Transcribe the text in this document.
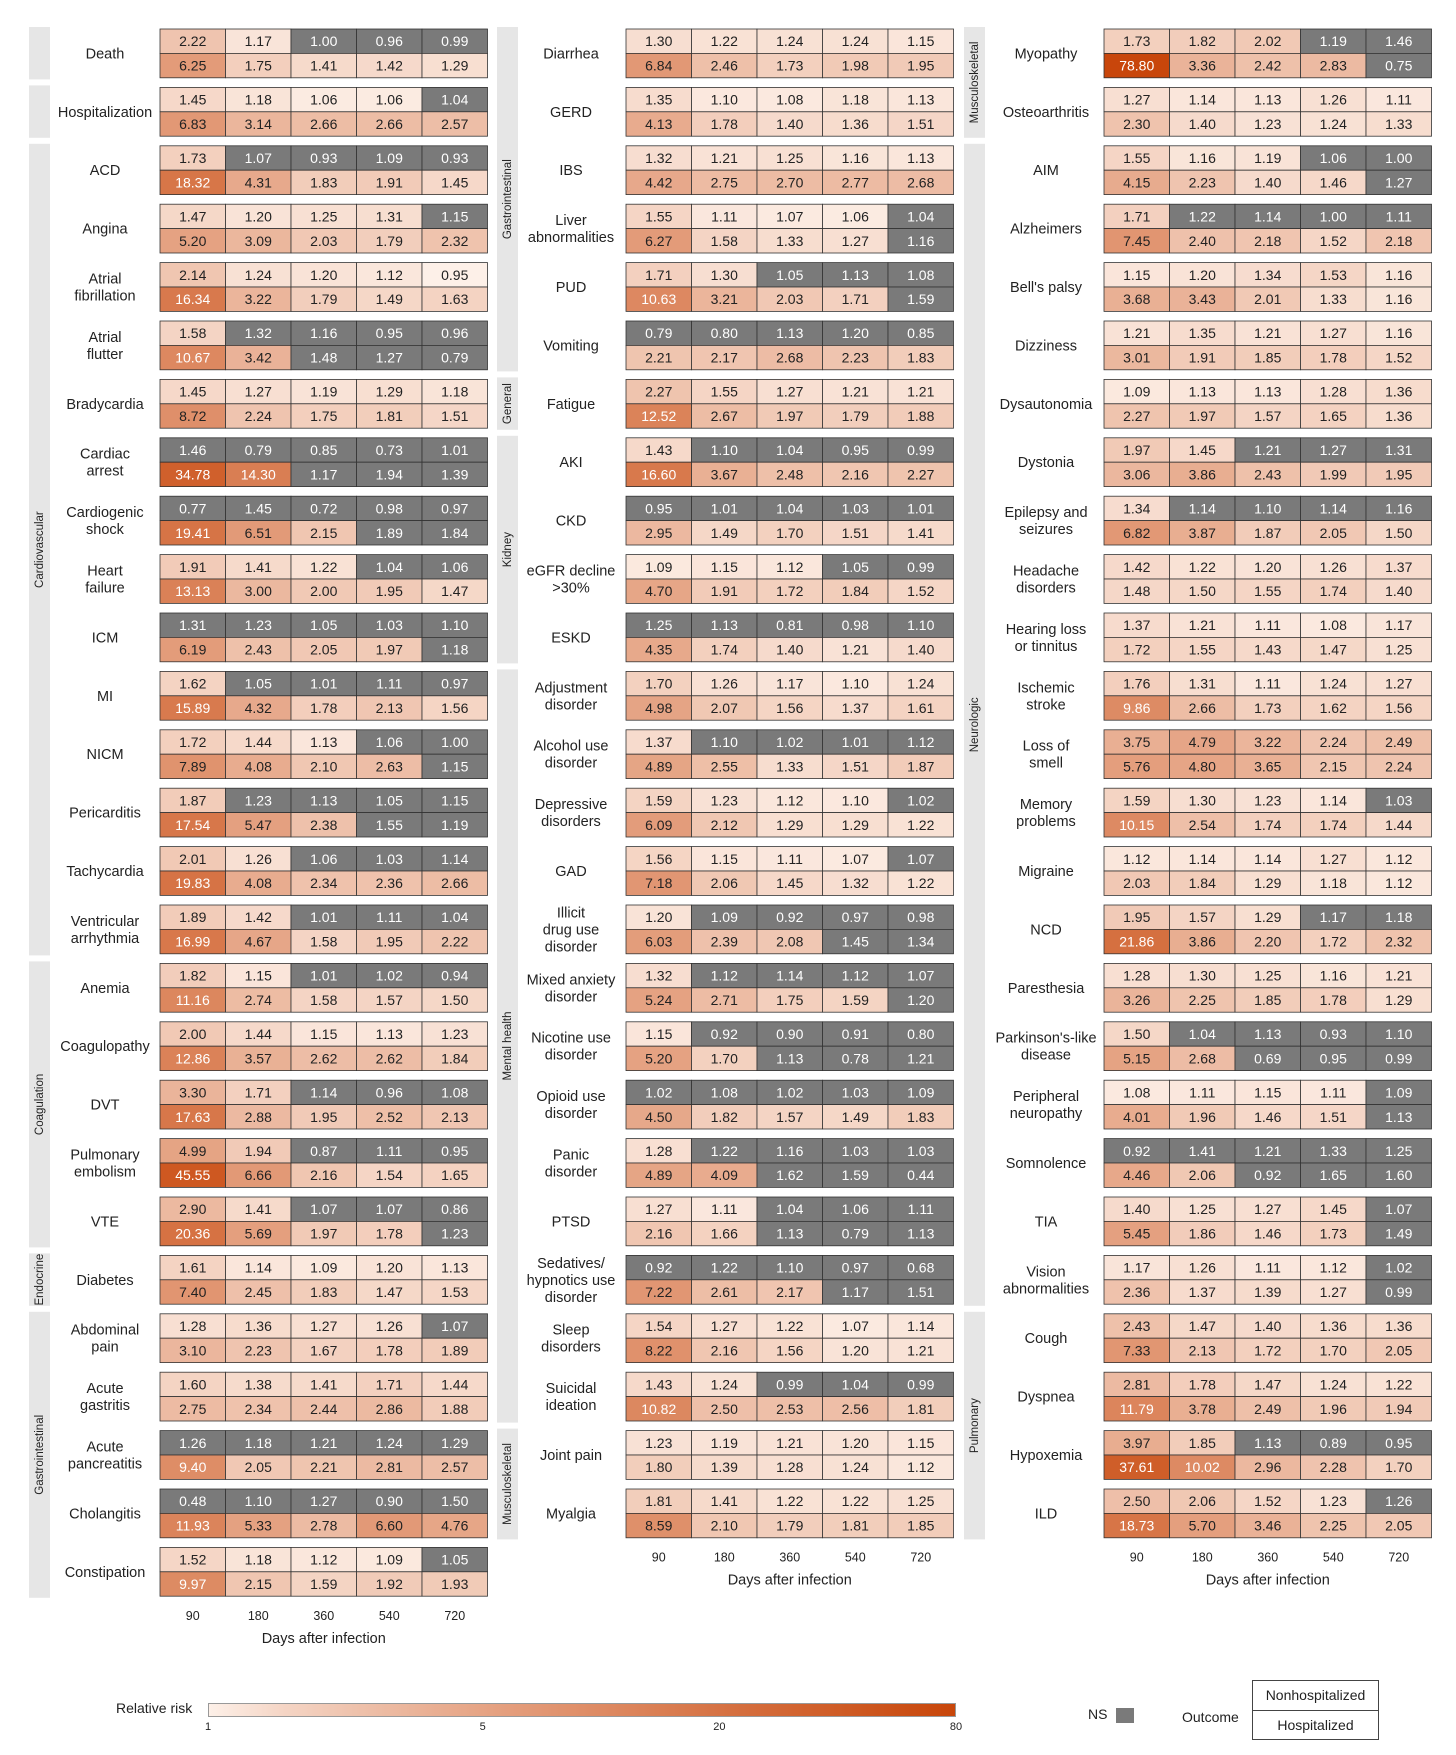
Death
2.22	1.17	1.00	0.96	0.99
6.25	1.75	1.41	1.42	1.29
Hospitalization
1.45	1.18	1.06	1.06	1.04
6.83	3.14	2.66	2.66	2.57
ACD
1.73	1.07	0.93	1.09	0.93
18.32 4.31	1.83	1.91	1.45
Angina
1.47	1.20	1.25	1.31	1.15
5.20	3.09	2.03	1.79	2.32
Atrial fibrillation
2.14	1.24	1.20	1.12	0.95
16.34 3.22	1.79	1.49	1.63
Atrial flutter
1.58	1.32	1.16	0.95	0.96
10.67 3.42	1.48	1.27	0.79
Bradycardia
1.45	1.27	1.19	1.29	1.18
8.72	2.24	1.75	1.81	1.51
Cardiac arrest
1.46	0.79	0.85	0.73	1.01
34.78 14.30 1.17	1.94	1.39
Cardiogenic shock
0.77	1.45	0.72	0.98	0.97
19.41 6.51	2.15	1.89	1.84
Heart failure
1.91	1.41	1.22	1.04	1.06
13.13 3.00	2.00	1.95	1.47
ICM
1.31	1.23	1.05	1.03	1.10
6.19	2.43	2.05	1.97	1.18
MI
1.62	1.05	1.01	1.11	0.97
15.89 4.32	1.78	2.13	1.56
NICM
1.72	1.44	1.13	1.06	1.00
7.89	4.08	2.10	2.63	1.15
Pericarditis
1.87	1.23	1.13	1.05	1.15
17.54 5.47	2.38	1.55	1.19
Tachycardia
2.01	1.26	1.06	1.03	1.14
19.83 4.08	2.34	2.36	2.66
Ventricular arrhythmia
1.89	1.42	1.01	1.11	1.04
16.99 4.67	1.58	1.95	2.22
Cardiovascular
Anemia
1.82	1.15	1.01	1.02	0.94
11.16 2.74	1.58	1.57	1.50
Coagulopathy
2.00	1.44	1.15	1.13	1.23
12.86 3.57	2.62	2.62	1.84
DVT
3.30	1.71	1.14	0.96	1.08
17.63 2.88	1.95	2.52	2.13
Pulmonary embolism
4.99	1.94	0.87	1.11	0.95
45.55 6.66	2.16	1.54	1.65
VTE
2.90	1.41	1.07	1.07	0.86
20.36 5.69	1.97	1.78	1.23
Coagulation
Diabetes
1.61	1.14	1.09	1.20	1.13
7.40	2.45	1.83	1.47	1.53
Endocrine
Abdominal pain
1.28	1.36	1.27	1.26	1.07
3.10	2.23	1.67	1.78	1.89
Acute gastritis
1.60	1.38	1.41	1.71	1.44
2.75	2.34	2.44	2.86	1.88
Acute pancreatitis
1.26	1.18	1.21	1.24	1.29
9.40	2.05	2.21	2.81	2.57
Cholangitis
0.48	1.10	1.27	0.90	1.50
11.93 5.33	2.78	6.60	4.76
Constipation
1.52	1.18	1.12	1.09	1.05
9.97	2.15	1.59	1.92	1.93
Gastrointestinal
90	180	360	540	720
Days after infection
Diarrhea
1.30	1.22	1.24	1.24	1.15
6.84	2.46	1.73	1.98	1.95
GERD
1.35	1.10	1.08	1.18	1.13
4.13	1.78	1.40	1.36	1.51
IBS
1.32	1.21	1.25	1.16	1.13
4.42	2.75	2.70	2.77	2.68
Liver abnormalities
1.55	1.11	1.07	1.06	1.04
6.27	1.58	1.33	1.27	1.16
PUD
1.71	1.30	1.05	1.13	1.08
10.63 3.21	2.03	1.71	1.59
Vomiting
0.79	0.80	1.13	1.20	0.85
2.21	2.17	2.68	2.23	1.83
Gastrointestinal
Fatigue
2.27	1.55	1.27	1.21	1.21
12.52 2.67	1.97	1.79	1.88
General
AKI
1.43	1.10	1.04	0.95	0.99
16.60 3.67	2.48	2.16	2.27
CKD
0.95	1.01	1.04	1.03	1.01
2.95	1.49	1.70	1.51	1.41
eGFR decline >30%
1.09	1.15	1.12	1.05	0.99
4.70	1.91	1.72	1.84	1.52
ESKD
1.25	1.13	0.81	0.98	1.10
4.35	1.74	1.40	1.21	1.40
Kidney
Adjustment disorder
1.70	1.26	1.17	1.10	1.24
4.98	2.07	1.56	1.37	1.61
Alcohol use disorder
1.37	1.10	1.02	1.01	1.12
4.89	2.55	1.33	1.51	1.87
Depressive disorders
1.59	1.23	1.12	1.10	1.02
6.09	2.12	1.29	1.29	1.22
GAD
1.56	1.15	1.11	1.07	1.07
7.18	2.06	1.45	1.32	1.22
Illicit drug use disorder
1.20	1.09	0.92	0.97	0.98
6.03	2.39	2.08	1.45	1.34
Mixed anxiety disorder
1.32	1.12	1.14	1.12	1.07
5.24	2.71	1.75	1.59	1.20
Nicotine use disorder
1.15	0.92	0.90	0.91	0.80
5.20	1.70	1.13	0.78	1.21
Opioid use disorder
1.02	1.08	1.02	1.03	1.09
4.50	1.82	1.57	1.49	1.83
Panic disorder
1.28	1.22	1.16	1.03	1.03
4.89	4.09	1.62	1.59	0.44
PTSD
1.27	1.11	1.04	1.06	1.11
2.16	1.66	1.13	0.79	1.13
Sedatives/ hypnotics use disorder
0.92	1.22	1.10	0.97	0.68
7.22	2.61	2.17	1.17	1.51
Sleep disorders
1.54	1.27	1.22	1.07	1.14
8.22	2.16	1.56	1.20	1.21
Suicidal ideation
1.43	1.24	0.99	1.04	0.99
10.82 2.50	2.53	2.56	1.81
Mental health
Joint pain
1.23	1.19	1.21	1.20	1.15
1.80	1.39	1.28	1.24	1.12
Myalgia
1.81	1.41	1.22	1.22	1.25
8.59	2.10	1.79	1.81	1.85
Musculoskeletal
90	180	360	540	720
Days after infection
Myopathy
1.73	1.82	2.02	1.19	1.46
78.80 3.36	2.42	2.83	0.75
Osteoarthritis
1.27	1.14	1.13	1.26	1.11
2.30	1.40	1.23	1.24	1.33
Musculoskeletal
AIM
1.55	1.16	1.19	1.06	1.00
4.15	2.23	1.40	1.46	1.27
Alzheimers
1.71	1.22	1.14	1.00	1.11
7.45	2.40	2.18	1.52	2.18
Bell's palsy
1.15	1.20	1.34	1.53	1.16
3.68	3.43	2.01	1.33	1.16
Dizziness
1.21	1.35	1.21	1.27	1.16
3.01	1.91	1.85	1.78	1.52
Dysautonomia
1.09	1.13	1.13	1.28	1.36
2.27	1.97	1.57	1.65	1.36
Dystonia
1.97	1.45	1.21	1.27	1.31
3.06	3.86	2.43	1.99	1.95
Epilepsy and seizures
1.34	1.14	1.10	1.14	1.16
6.82	3.87	1.87	2.05	1.50
Headache disorders
1.42	1.22	1.20	1.26	1.37
1.48	1.50	1.55	1.74	1.40
Hearing loss or tinnitus
1.37	1.21	1.11	1.08	1.17
1.72	1.55	1.43	1.47	1.25
Ischemic stroke
1.76	1.31	1.11	1.24	1.27
9.86	2.66	1.73	1.62	1.56
Loss of smell
3.75	4.79	3.22	2.24	2.49
5.76	4.80	3.65	2.15	2.24
Memory problems
1.59	1.30	1.23	1.14	1.03
10.15 2.54	1.74	1.74	1.44
Migraine
1.12	1.14	1.14	1.27	1.12
2.03	1.84	1.29	1.18	1.12
NCD
1.95	1.57	1.29	1.17	1.18
21.86 3.86	2.20	1.72	2.32
Paresthesia
1.28	1.30	1.25	1.16	1.21
3.26	2.25	1.85	1.78	1.29
Parkinson's-like disease
1.50	1.04	1.13	0.93	1.10
5.15	2.68	0.69	0.95	0.99
Peripheral neuropathy
1.08	1.11	1.15	1.11	1.09
4.01	1.96	1.46	1.51	1.13
Somnolence
0.92	1.41	1.21	1.33	1.25
4.46	2.06	0.92	1.65	1.60
TIA
1.40	1.25	1.27	1.45	1.07
5.45	1.86	1.46	1.73	1.49
Vision abnormalities
1.17	1.26	1.11	1.12	1.02
2.36	1.37	1.39	1.27	0.99
Neurologic
Cough
2.43	1.47	1.40	1.36	1.36
7.33	2.13	1.72	1.70	2.05
Dyspnea
2.81	1.78	1.47	1.24	1.22
11.79 3.78	2.49	1.96	1.94
Hypoxemia
3.97	1.85	1.13	0.89	0.95
37.61 10.02 2.96	2.28	1.70
ILD
2.50	2.06	1.52	1.23	1.26
18.73 5.70	3.46	2.25	2.05
Pulmonary
90	180	360	540	720
Days after infection
Relative risk
1	5	20	80
NS	Outcome
Nonhospitalized
Hospitalized
